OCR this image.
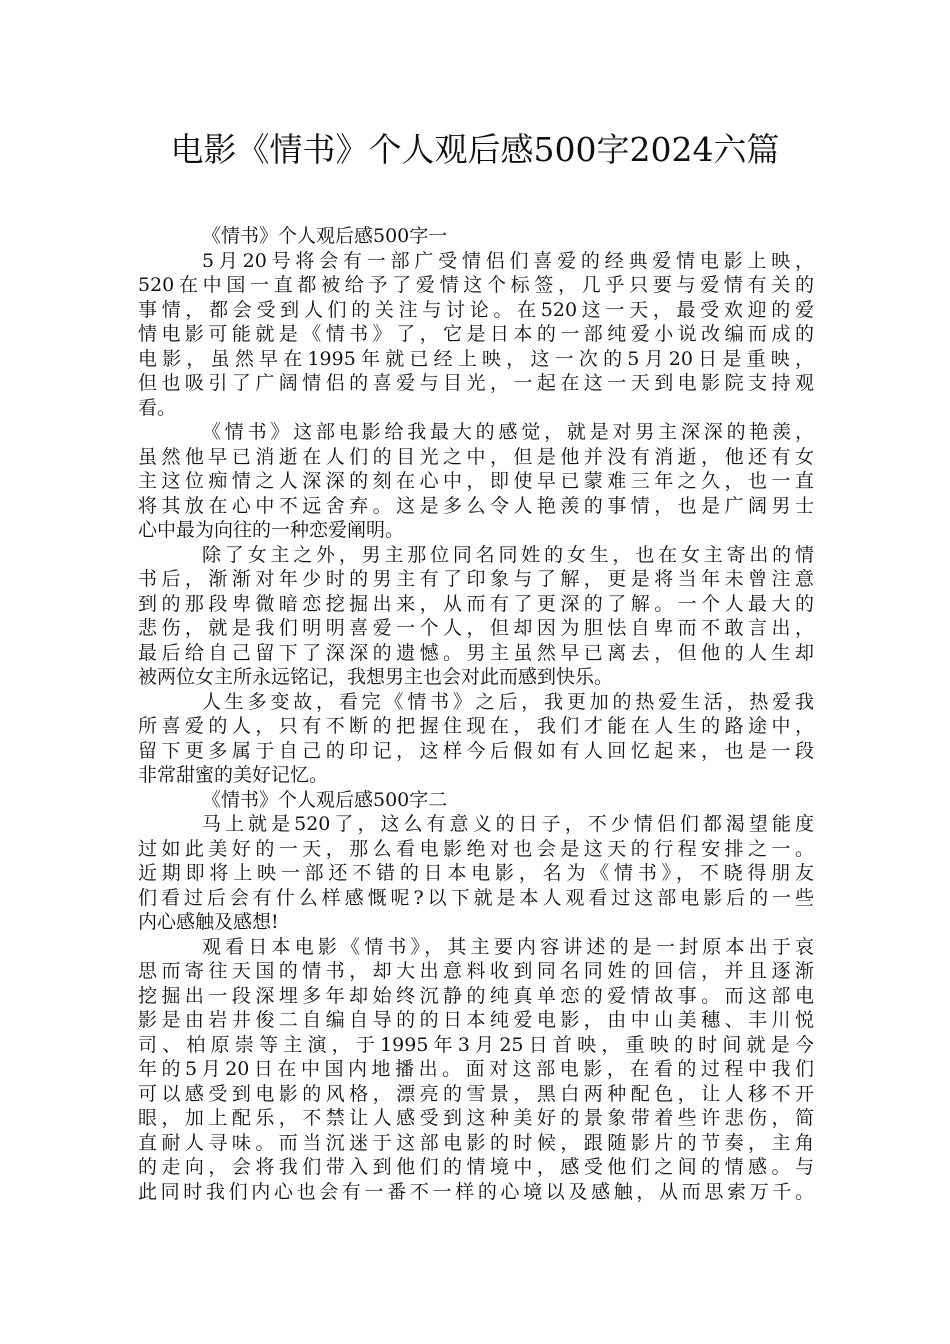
电影《情书》个人观后感500字2024六篇
《情书》个人观后感500字一
5月20号将会有一部广受情侣们喜爱的经典爱情电影上映，
520在中国一直都被给予了爱情这个标签，几乎只要与爱情有关的
事情，都会受到人们的关注与讨论。在520这一天，最受欢迎的爱
情电影可能就是《情书》了，它是日本的一部纯爱小说改编而成的
电影，虽然早在1995年就已经上映，这一次的5月20日是重映，
但也吸引了广阔情侣的喜爱与目光，一起在这一天到电影院支持观
看。
《情书》这部电影给我最大的感觉，就是对男主深深的艳羡，
虽然他早已消逝在人们的目光之中，但是他并没有消逝，他还有女
主这位痴情之人深深的刻在心中，即使早已蒙难三年之久，也一直
将其放在心中不远舍弃。这是多么令人艳羡的事情，也是广阔男士
心中最为向往的一种恋爱阐明。
除了女主之外，男主那位同名同姓的女生，也在女主寄出的情
书后，渐渐对年少时的男主有了印象与了解，更是将当年未曾注意
到的那段卑微暗恋挖掘出来，从而有了更深的了解。一个人最大的
悲伤，就是我们明明喜爱一个人，但却因为胆怯自卑而不敢言出，
最后给自己留下了深深的遗憾。男主虽然早已离去，但他的人生却
被两位女主所永远铭记，我想男主也会对此而感到快乐。
人生多变故，看完《情书》之后，我更加的热爱生活，热爱我
所喜爱的人，只有不断的把握住现在，我们才能在人生的路途中，
留下更多属于自己的印记，这样今后假如有人回忆起来，也是一段
非常甜蜜的美好记忆。
《情书》个人观后感500字二
马上就是520了，这么有意义的日子，不少情侣们都渴望能度
过如此美好的一天，那么看电影绝对也会是这天的行程安排之一。
近期即将上映一部还不错的日本电影，名为《情书》，不晓得朋友
们看过后会有什么样感慨呢?以下就是本人观看过这部电影后的一些
内心感触及感想!
观看日本电影《情书》，其主要内容讲述的是一封原本出于哀
思而寄往天国的情书，却大出意料收到同名同姓的回信，并且逐渐
挖掘出一段深埋多年却始终沉静的纯真单恋的爱情故事。而这部电
影是由岩井俊二自编自导的的日本纯爱电影，由中山美穗、丰川悦
司、柏原崇等主演，于1995年3月25日首映，重映的时间就是今
年的5月20日在中国内地播出。面对这部电影，在看的过程中我们
可以感受到电影的风格，漂亮的雪景，黑白两种配色，让人移不开
眼，加上配乐，不禁让人感受到这种美好的景象带着些许悲伤，简
直耐人寻味。而当沉迷于这部电影的时候，跟随影片的节奏，主角
的走向，会将我们带入到他们的情境中，感受他们之间的情感。与
此同时我们内心也会有一番不一样的心境以及感触，从而思索万千。
